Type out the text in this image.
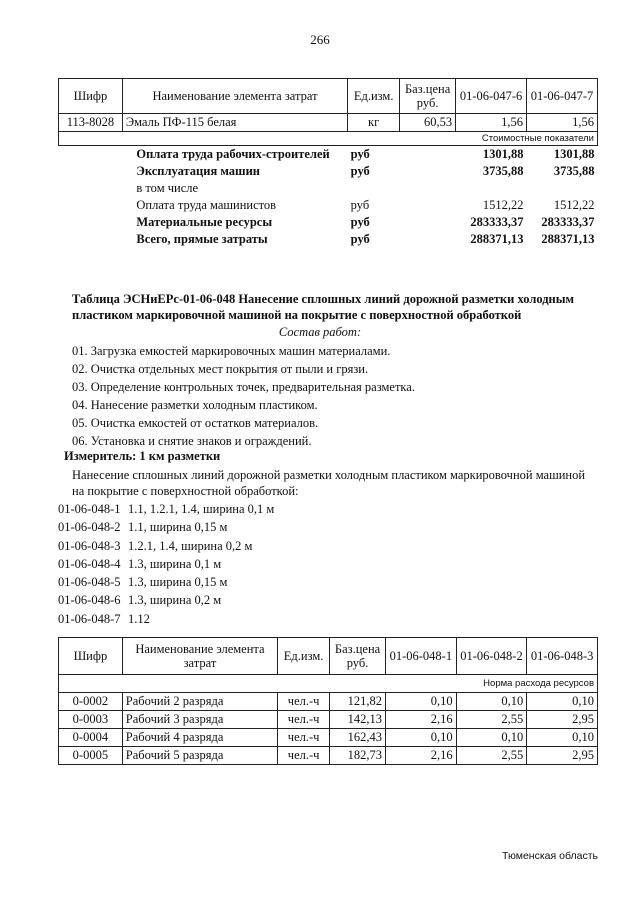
266
Шифр	Наименование элемента затрат	Ед.изм.	Баз.цена руб.	01-06-047-6	01-06-047-7
113-8028	Эмаль ПФ-115 белая	кг	60,53	1,56	1,56
				Стоимостные показатели	
	Оплата труда рабочих-строителей	руб		1301,88	1301,88
	Эксплуатация машин	руб		3735,88	3735,88
	в том числе				
	Оплата труда машинистов	руб		1512,22	1512,22
	Материальные ресурсы	руб		283333,37	283333,37
	Всего, прямые затраты	руб		288371,13	288371,13
Таблица ЭСНиЕРс-01-06-048 Нанесение сплошных линий дорожной разметки холодным пластиком маркировочной машиной на покрытие с поверхностной обработкой
Состав работ:
01. Загрузка емкостей маркировочных машин материалами.
02. Очистка отдельных мест покрытия от пыли и грязи.
03. Определение контрольных точек, предварительная разметка.
04. Нанесение разметки холодным пластиком.
05. Очистка емкостей от остатков материалов.
06. Установка и снятие знаков и ограждений.
Измеритель: 1 км разметки
Нанесение сплошных линий дорожной разметки холодным пластиком маркировочной машиной на покрытие с поверхностной обработкой:
01-06-048-1 1.1, 1.2.1, 1.4, ширина 0,1 м
01-06-048-2 1.1, ширина 0,15 м
01-06-048-3 1.2.1, 1.4, ширина 0,2 м
01-06-048-4 1.3, ширина 0,1 м
01-06-048-5 1.3, ширина 0,15 м
01-06-048-6 1.3, ширина 0,2 м
01-06-048-7 1.12
Шифр	Наименование элемента затрат	Ед.изм.	Баз.цена руб.	01-06-048-1	01-06-048-2	01-06-048-3
				Норма расхода ресурсов		
0-0002	Рабочий 2 разряда	чел.-ч	121,82	0,10	0,10	0,10
0-0003	Рабочий 3 разряда	чел.-ч	142,13	2,16	2,55	2,95
0-0004	Рабочий 4 разряда	чел.-ч	162,43	0,10	0,10	0,10
0-0005	Рабочий 5 разряда	чел.-ч	182,73	2,16	2,55	2,95
Тюменская область
